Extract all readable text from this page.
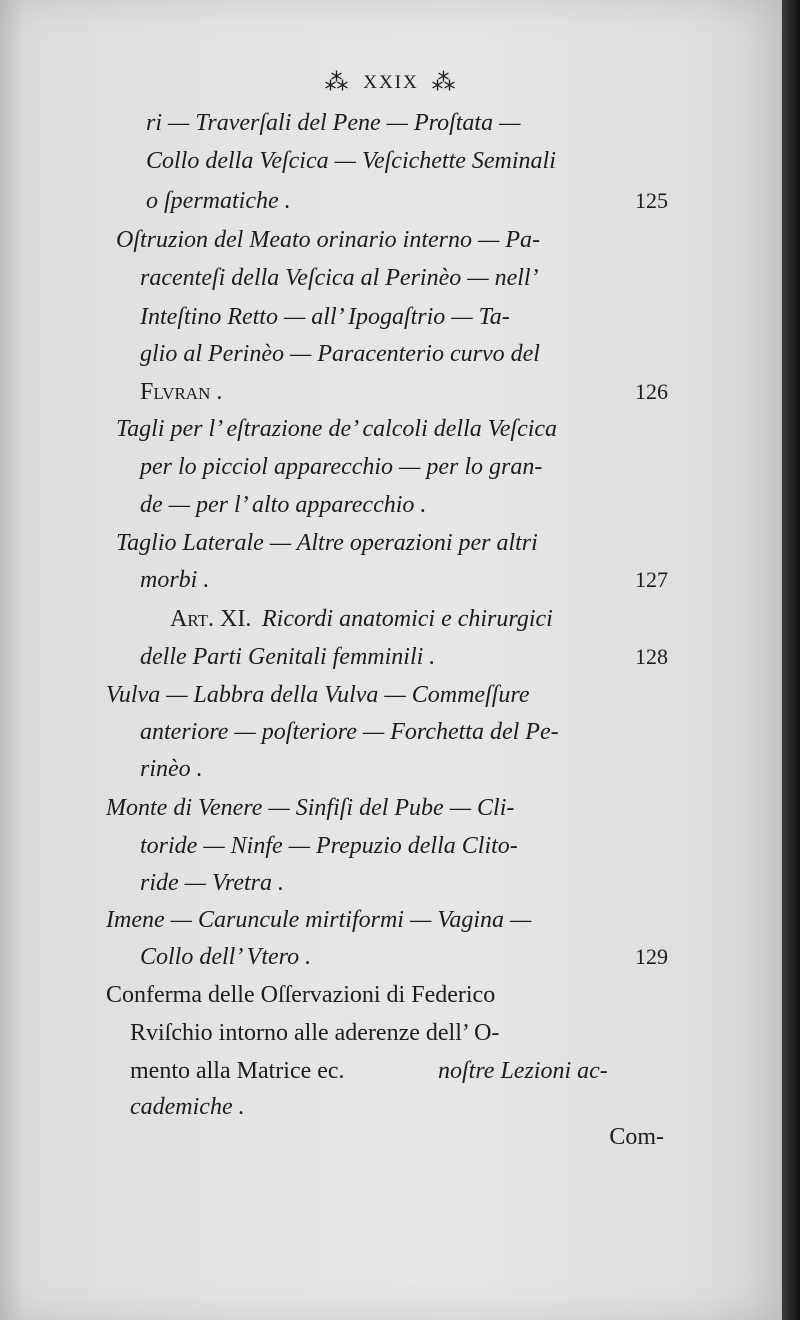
⁂ XXIX ⁂
ri — Traverſali del Pene — Proſtata —
Collo della Veſcica — Veſcichette Seminali
o ſpermatiche .	125
Oſtruzion del Meato orinario interno — Pa-
racenteſi della Veſcica al Perinèo — nell’
Inteſtino Retto — all’ Ipogaſtrio — Ta-
glio al Perinèo — Paracenterio curvo del
Flvran .	126
Tagli per l’ eſtrazione de’ calcoli della Veſcica
per lo picciol apparecchio — per lo gran-
de — per l’ alto apparecchio .
Taglio Laterale — Altre operazioni per altri
morbi .	127
Art. XI. Ricordi anatomici e chirurgici
delle Parti Genitali femminili .	128
Vulva — Labbra della Vulva — Commeſſure
anteriore — poſteriore — Forchetta del Pe-
rinèo .
Monte di Venere — Sinfiſi del Pube — Cli-
toride — Ninfe — Prepuzio della Clito-
ride — Vretra .
Imene — Caruncule mirtiformi — Vagina —
Collo dell’ Vtero .	129
Conferma delle Oſſervazioni di Federico
Rviſchio intorno alle aderenze dell’ O-
mento alla Matrice ec.	noſtre Lezioni ac-
cademiche .
Com-
